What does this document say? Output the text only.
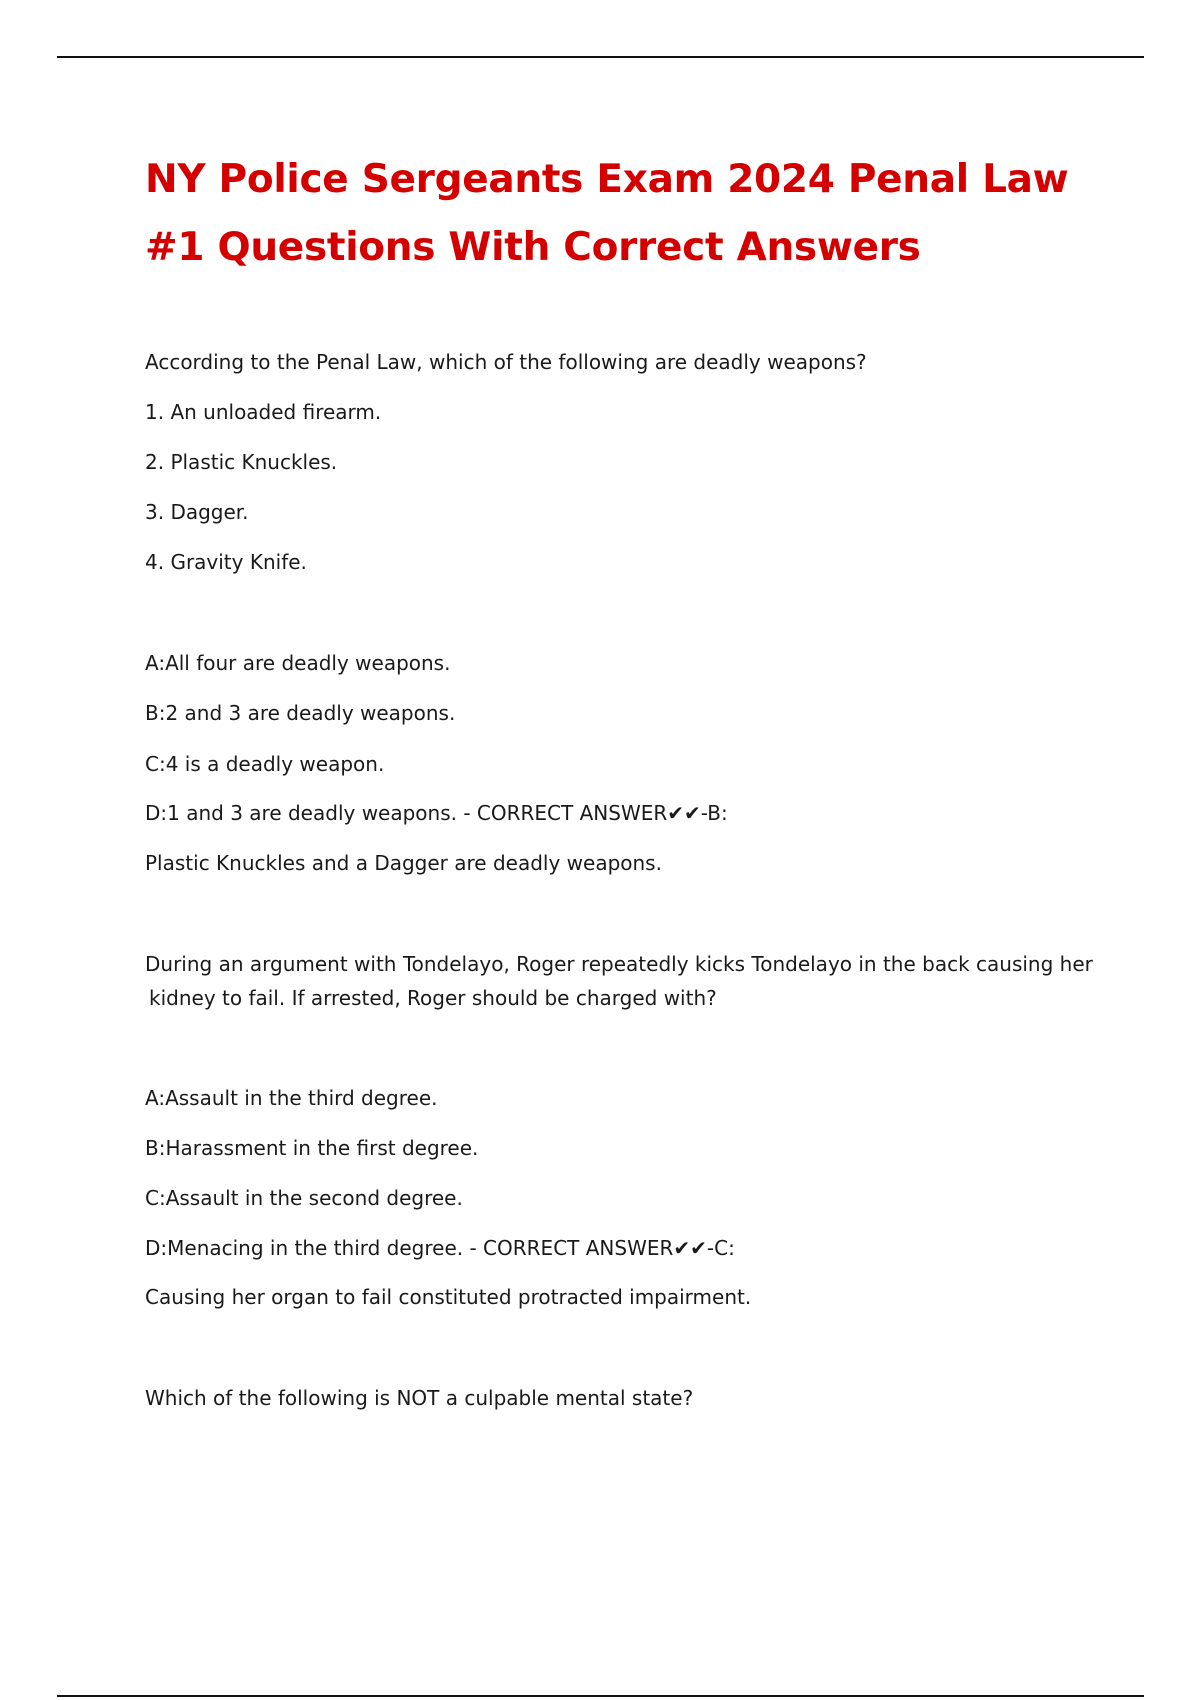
NY Police Sergeants Exam 2024 Penal Law #1 Questions With Correct Answers

According to the Penal Law, which of the following are deadly weapons?

1. An unloaded firearm.

2. Plastic Knuckles.

3. Dagger.

4. Gravity Knife.

A:All four are deadly weapons.

B:2 and 3 are deadly weapons.

C:4 is a deadly weapon.

D:1 and 3 are deadly weapons. - CORRECT ANSWER✔✔-B:

Plastic Knuckles and a Dagger are deadly weapons.

During an argument with Tondelayo, Roger repeatedly kicks Tondelayo in the back causing her

kidney to fail. If arrested, Roger should be charged with?

A:Assault in the third degree.

B:Harassment in the first degree.

C:Assault in the second degree.

D:Menacing in the third degree. - CORRECT ANSWER✔✔-C:

Causing her organ to fail constituted protracted impairment.

Which of the following is NOT a culpable mental state?
